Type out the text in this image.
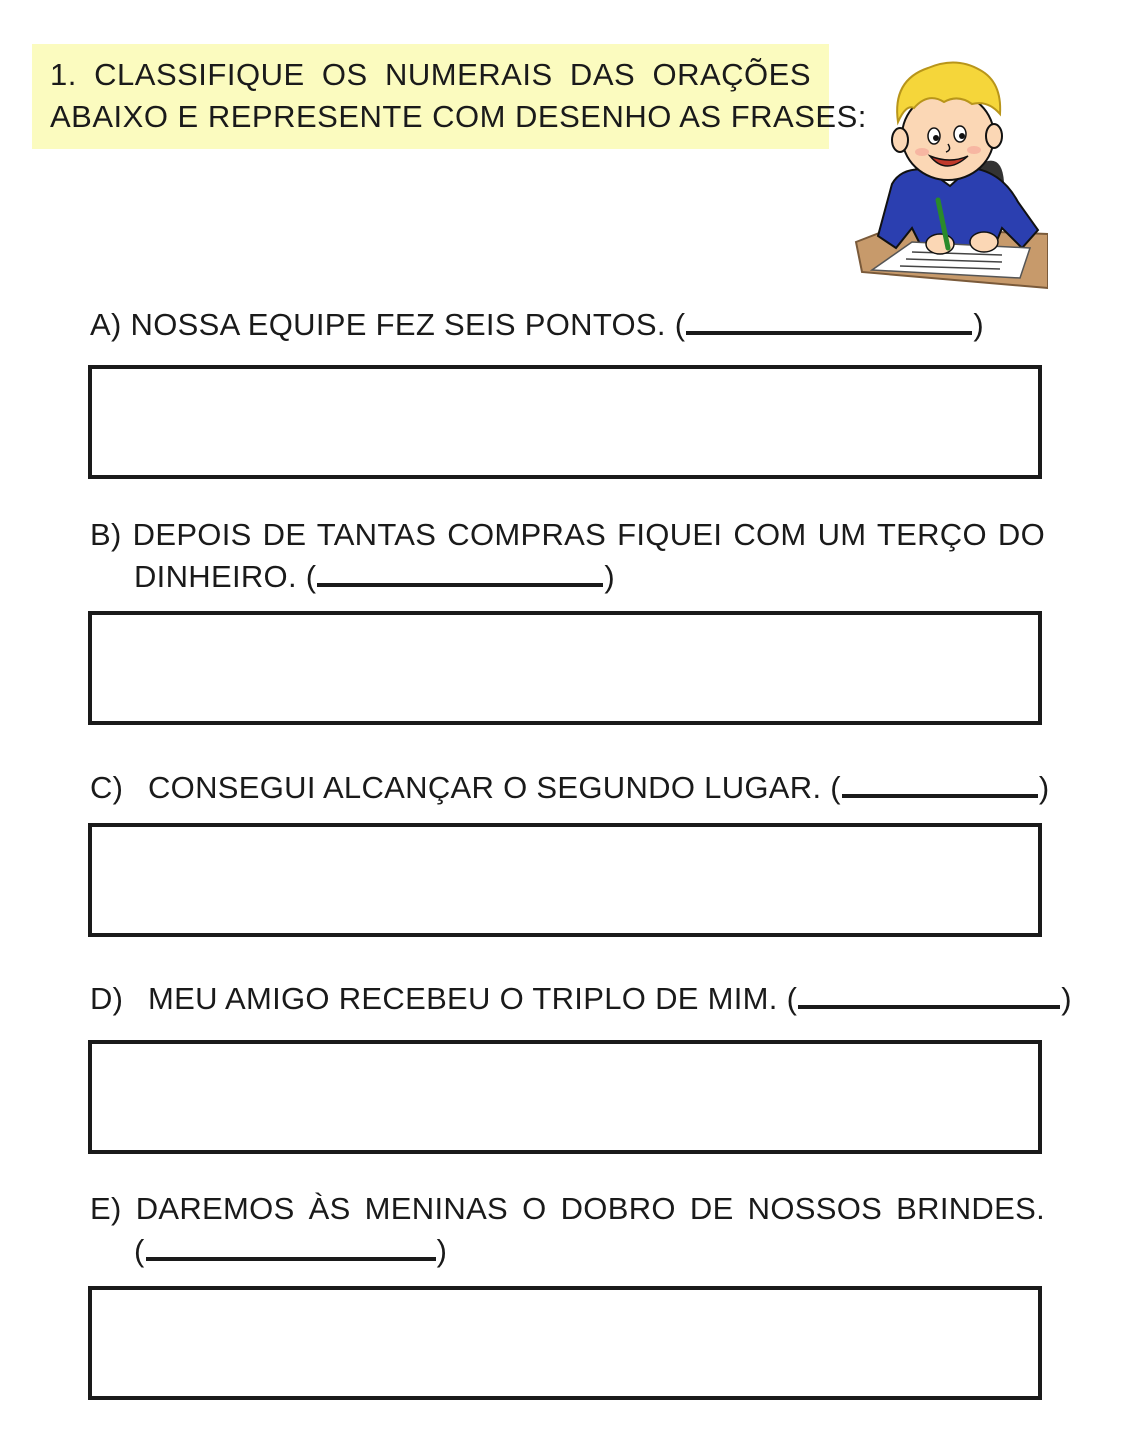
1. CLASSIFIQUE OS NUMERAIS DAS ORAÇÕES
ABAIXO E REPRESENTE COM DESENHO AS FRASES:
A) NOSSA EQUIPE FEZ SEIS PONTOS. (	)
B) DEPOIS DE TANTAS COMPRAS FIQUEI COM UM TERÇO DO
DINHEIRO. (	)
C) CONSEGUI ALCANÇAR O SEGUNDO LUGAR. (	)
D) MEU AMIGO RECEBEU O TRIPLO DE MIM. (	)
E) DAREMOS ÀS MENINAS O DOBRO DE NOSSOS BRINDES.
(	)
